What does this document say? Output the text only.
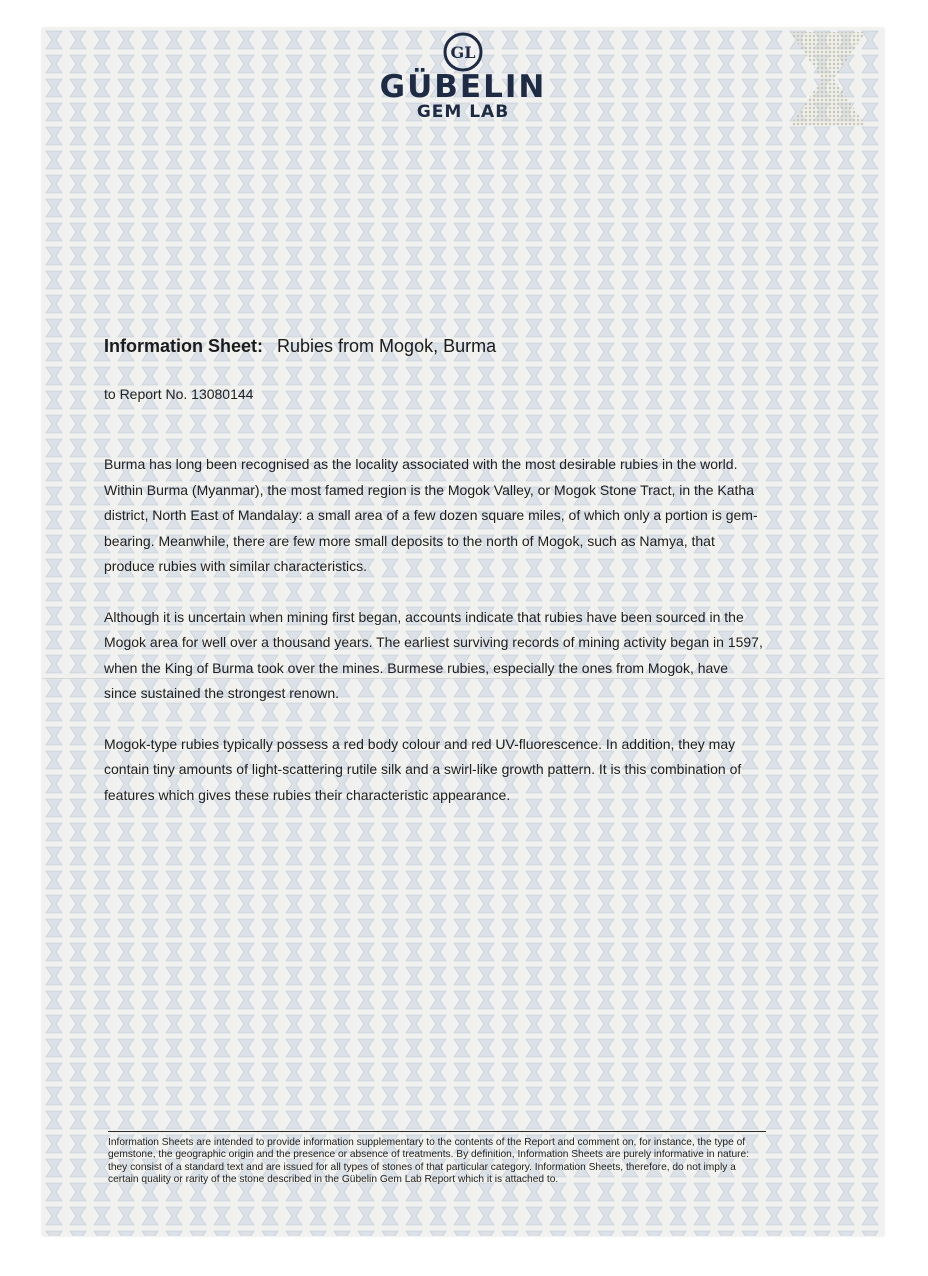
GL
GÜBELIN
GEM LAB
Information Sheet: Rubies from Mogok, Burma
to Report No. 13080144

Burma has long been recognised as the locality associated with the most desirable rubies in the world. Within Burma (Myanmar), the most famed region is the Mogok Valley, or Mogok Stone Tract, in the Katha district, North East of Mandalay: a small area of a few dozen square miles, of which only a portion is gem-bearing. Meanwhile, there are few more small deposits to the north of Mogok, such as Namya, that produce rubies with similar characteristics.

Although it is uncertain when mining first began, accounts indicate that rubies have been sourced in the Mogok area for well over a thousand years. The earliest surviving records of mining activity began in 1597, when the King of Burma took over the mines. Burmese rubies, especially the ones from Mogok, have since sustained the strongest renown.

Mogok-type rubies typically possess a red body colour and red UV-fluorescence. In addition, they may contain tiny amounts of light-scattering rutile silk and a swirl-like growth pattern. It is this combination of features which gives these rubies their characteristic appearance.

Information Sheets are intended to provide information supplementary to the contents of the Report and comment on, for instance, the type of gemstone, the geographic origin and the presence or absence of treatments. By definition, Information Sheets are purely informative in nature: they consist of a standard text and are issued for all types of stones of that particular category. Information Sheets, therefore, do not imply a certain quality or rarity of the stone described in the Gübelin Gem Lab Report which it is attached to.
